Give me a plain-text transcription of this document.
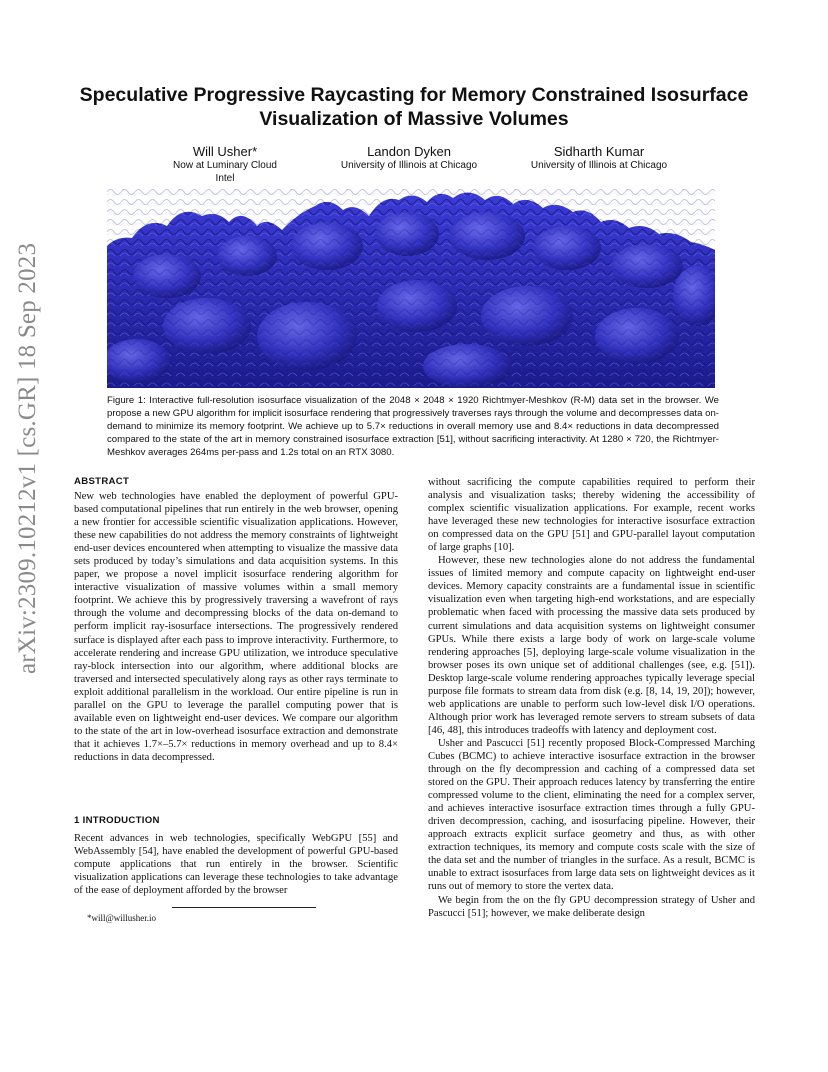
arXiv:2309.10212v1 [cs.GR] 18 Sep 2023
Speculative Progressive Raycasting for Memory Constrained Isosurface
Visualization of Massive Volumes
Will Usher*
Now at Luminary Cloud
Intel
Landon Dyken
University of Illinois at Chicago
Sidharth Kumar
University of Illinois at Chicago

Figure 1: Interactive full-resolution isosurface visualization of the 2048 × 2048 × 1920 Richtmyer-Meshkov (R-M) data set in the browser. We propose a new GPU algorithm for implicit isosurface rendering that progressively traverses rays through the volume and decompresses data on-demand to minimize its memory footprint. We achieve up to 5.7× reductions in overall memory use and 8.4× reductions in data decompressed compared to the state of the art in memory constrained isosurface extraction [51], without sacrificing interactivity. At 1280 × 720, the Richtmyer-Meshkov averages 264ms per-pass and 1.2s total on an RTX 3080.

ABSTRACT

New web technologies have enabled the deployment of powerful GPU-based computational pipelines that run entirely in the web browser, opening a new frontier for accessible scientific visualization applications. However, these new capabilities do not address the memory constraints of lightweight end-user devices encountered when attempting to visualize the massive data sets produced by today’s simulations and data acquisition systems. In this paper, we propose a novel implicit isosurface rendering algorithm for interactive visualization of massive volumes within a small memory footprint. We achieve this by progressively traversing a wavefront of rays through the volume and decompressing blocks of the data on-demand to perform implicit ray-isosurface intersections. The progressively rendered surface is displayed after each pass to improve interactivity. Furthermore, to accelerate rendering and increase GPU utilization, we introduce speculative ray-block intersection into our algorithm, where additional blocks are traversed and intersected speculatively along rays as other rays terminate to exploit additional parallelism in the workload. Our entire pipeline is run in parallel on the GPU to leverage the parallel computing power that is available even on lightweight end-user devices. We compare our algorithm to the state of the art in low-overhead isosurface extraction and demonstrate that it achieves 1.7×–5.7× reductions in memory overhead and up to 8.4× reductions in data decompressed.

1 INTRODUCTION

Recent advances in web technologies, specifically WebGPU [55] and WebAssembly [54], have enabled the development of powerful GPU-based compute applications that run entirely in the browser. Scientific visualization applications can leverage these technologies to take advantage of the ease of deployment afforded by the browser

*will@willusher.io

without sacrificing the compute capabilities required to perform their analysis and visualization tasks; thereby widening the accessibility of complex scientific visualization applications. For example, recent works have leveraged these new technologies for interactive isosurface extraction on compressed data on the GPU [51] and GPU-parallel layout computation of large graphs [10].

However, these new technologies alone do not address the fundamental issues of limited memory and compute capacity on lightweight end-user devices. Memory capacity constraints are a fundamental issue in scientific visualization even when targeting high-end workstations, and are especially problematic when faced with processing the massive data sets produced by current simulations and data acquisition systems on lightweight consumer GPUs. While there exists a large body of work on large-scale volume rendering approaches [5], deploying large-scale volume visualization in the browser poses its own unique set of additional challenges (see, e.g. [51]). Desktop large-scale volume rendering approaches typically leverage special purpose file formats to stream data from disk (e.g. [8, 14, 19, 20]); however, web applications are unable to perform such low-level disk I/O operations. Although prior work has leveraged remote servers to stream subsets of data [46, 48], this introduces tradeoffs with latency and deployment cost.

Usher and Pascucci [51] recently proposed Block-Compressed Marching Cubes (BCMC) to achieve interactive isosurface extraction in the browser through on the fly decompression and caching of a compressed data set stored on the GPU. Their approach reduces latency by transferring the entire compressed volume to the client, eliminating the need for a complex server, and achieves interactive isosurface extraction times through a fully GPU-driven decompression, caching, and isosurfacing pipeline. However, their approach extracts explicit surface geometry and thus, as with other extraction techniques, its memory and compute costs scale with the size of the data set and the number of triangles in the surface. As a result, BCMC is unable to extract isosurfaces from large data sets on lightweight devices as it runs out of memory to store the vertex data.

We begin from the on the fly GPU decompression strategy of Usher and Pascucci [51]; however, we make deliberate design
